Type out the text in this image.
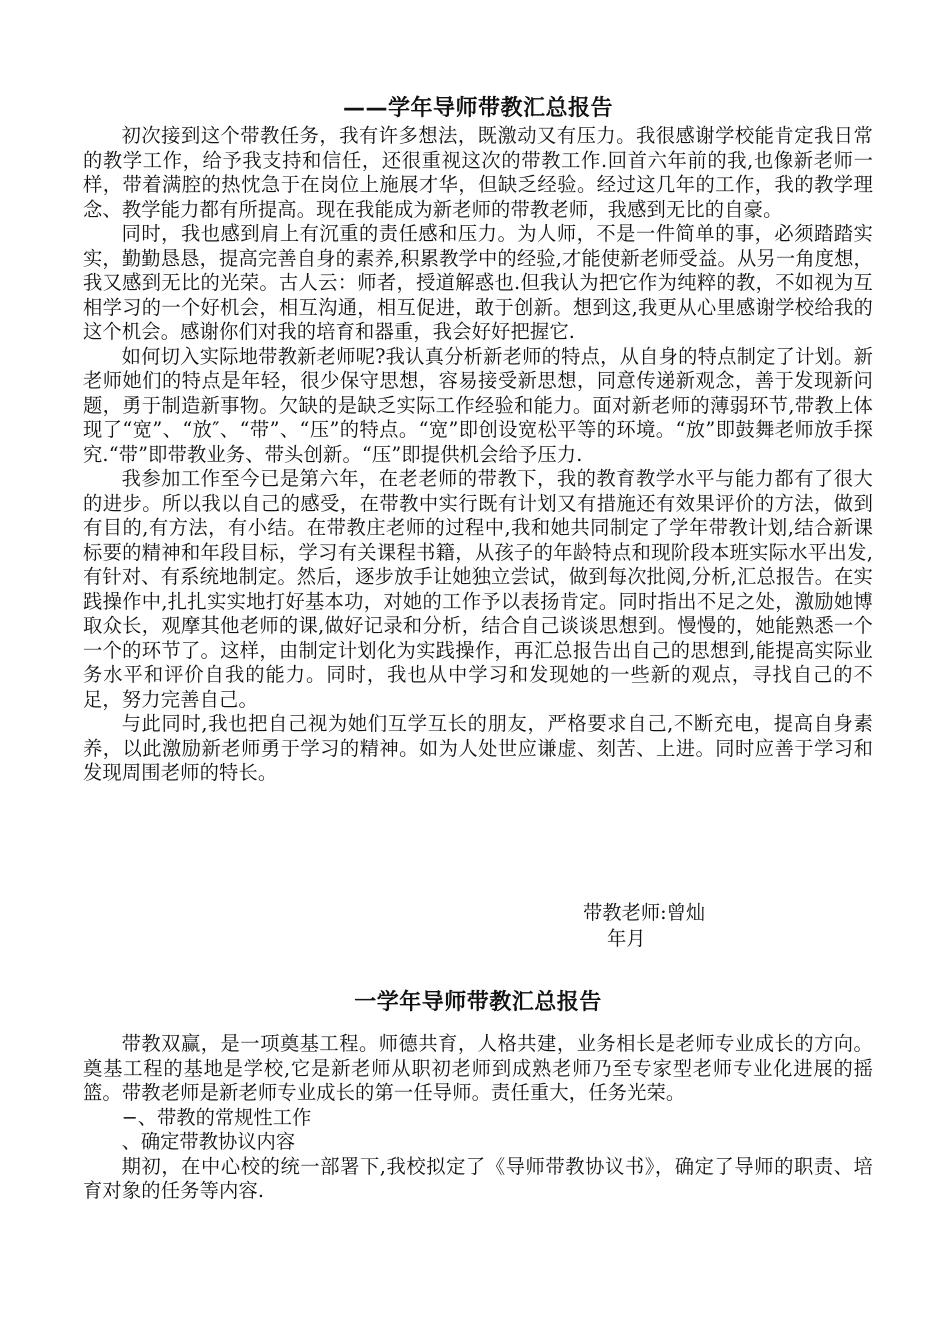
——学年导师带教汇总报告

初次接到这个带教任务，我有许多想法，既激动又有压力。我很感谢学校能肯定我日常的教学工作，给予我支持和信任，还很重视这次的带教工作.回首六年前的我,也像新老师一样，带着满腔的热忱急于在岗位上施展才华，但缺乏经验。经过这几年的工作，我的教学理念、教学能力都有所提高。现在我能成为新老师的带教老师，我感到无比的自豪。

同时，我也感到肩上有沉重的责任感和压力。为人师，不是一件简单的事，必须踏踏实实，勤勤恳恳，提高完善自身的素养,积累教学中的经验,才能使新老师受益。从另一角度想，我又感到无比的光荣。古人云：师者，授道解惑也.但我认为把它作为纯粹的教，不如视为互相学习的一个好机会，相互沟通，相互促进，敢于创新。想到这,我更从心里感谢学校给我的这个机会。感谢你们对我的培育和器重，我会好好把握它.

如何切入实际地带教新老师呢?我认真分析新老师的特点，从自身的特点制定了计划。新老师她们的特点是年轻，很少保守思想，容易接受新思想，同意传递新观念，善于发现新问题，勇于制造新事物。欠缺的是缺乏实际工作经验和能力。面对新老师的薄弱环节,带教上体现了“宽”、“放″、“带”、“压”的特点。“宽”即创设宽松平等的环境。“放”即鼓舞老师放手探究.“带”即带教业务、带头创新。“压”即提供机会给予压力.

我参加工作至今已是第六年，在老老师的带教下，我的教育教学水平与能力都有了很大的进步。所以我以自己的感受，在带教中实行既有计划又有措施还有效果评价的方法，做到有目的,有方法，有小结。在带教庄老师的过程中,我和她共同制定了学年带教计划,结合新课标要的精神和年段目标，学习有关课程书籍，从孩子的年龄特点和现阶段本班实际水平出发,有针对、有系统地制定。然后，逐步放手让她独立尝试，做到每次批阅,分析,汇总报告。在实践操作中,扎扎实实地打好基本功，对她的工作予以表扬肯定。同时指出不足之处，激励她博取众长，观摩其他老师的课,做好记录和分析，结合自己谈谈思想到。慢慢的，她能熟悉一个一个的环节了。这样，由制定计划化为实践操作，再汇总报告出自己的思想到,能提高实际业务水平和评价自我的能力。同时，我也从中学习和发现她的一些新的观点，寻找自己的不足，努力完善自己。

与此同时,我也把自己视为她们互学互长的朋友，严格要求自己,不断充电，提高自身素养，以此激励新老师勇于学习的精神。如为人处世应谦虚、刻苦、上进。同时应善于学习和发现周围老师的特长。

带教老师:曾灿
年月
一学年导师带教汇总报告

带教双赢，是一项奠基工程。师德共育，人格共建，业务相长是老师专业成长的方向。奠基工程的基地是学校,它是新老师从职初老师到成熟老师乃至专家型老师专业化进展的摇篮。带教老师是新老师专业成长的第一任导师。责任重大，任务光荣。

−、带教的常规性工作

、确定带教协议内容

期初，在中心校的统一部署下,我校拟定了《导师带教协议书》，确定了导师的职责、培育对象的任务等内容.
